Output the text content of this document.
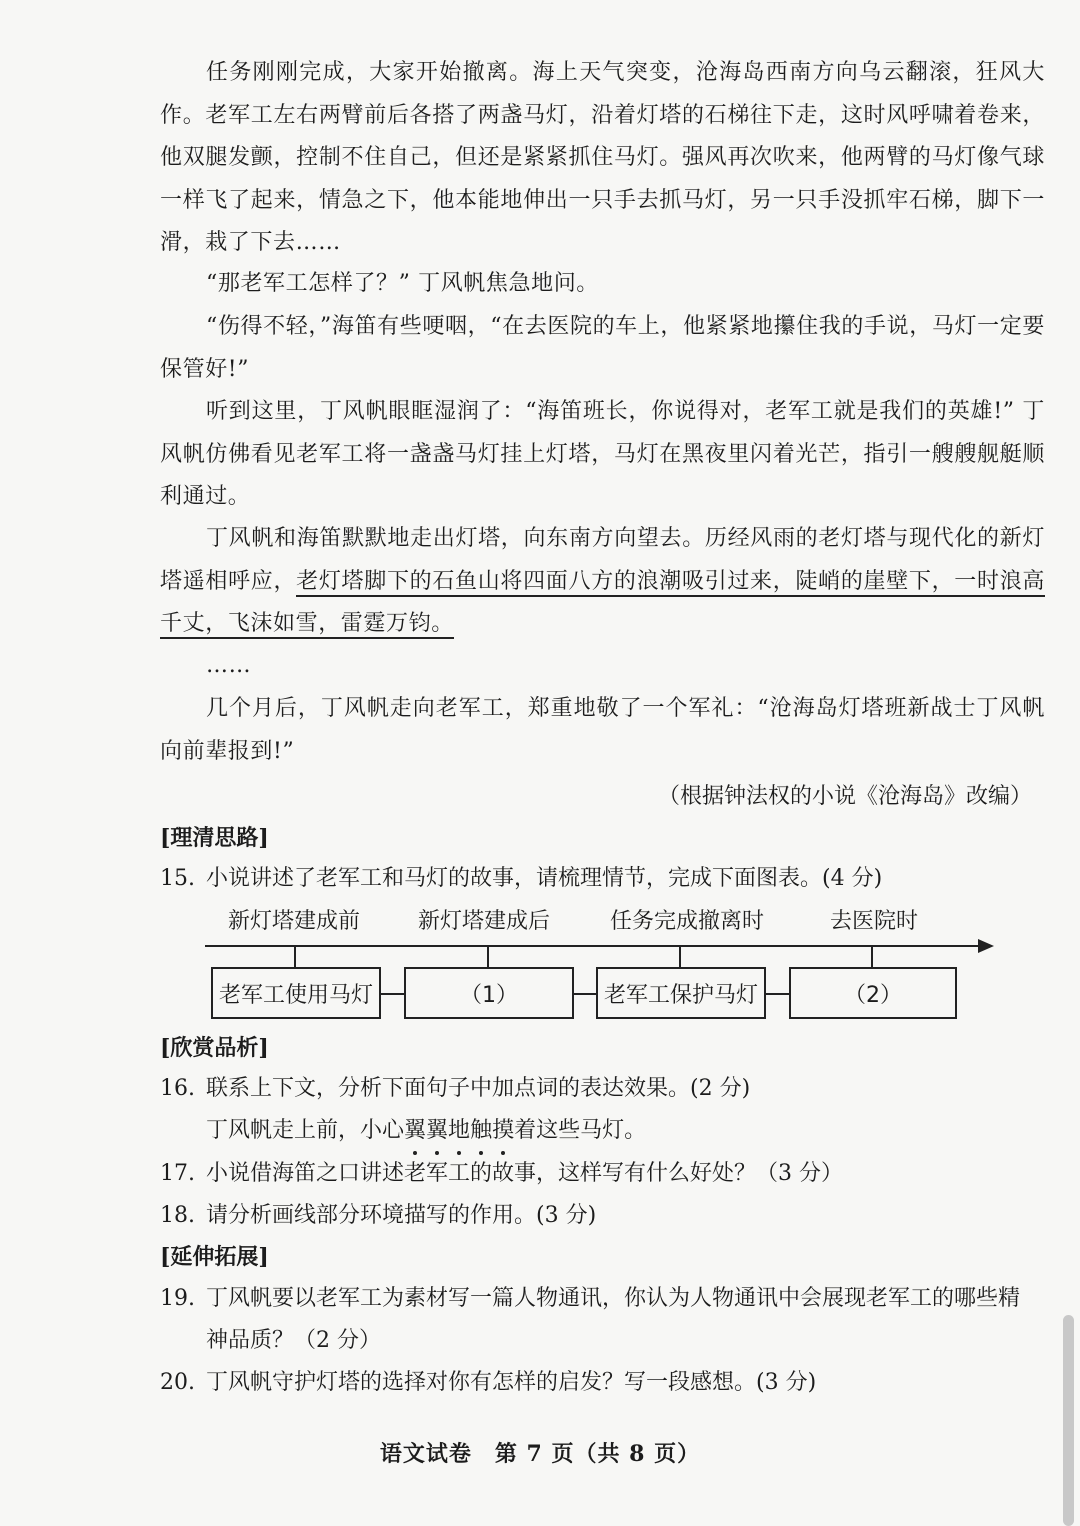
任务刚刚完成，大家开始撤离。海上天气突变，沧海岛西南方向乌云翻滚，狂风大作。老军工左右两臂前后各搭了两盏马灯，沿着灯塔的石梯往下走，这时风呼啸着卷来，他双腿发颤，控制不住自己，但还是紧紧抓住马灯。强风再次吹来，他两臂的马灯像气球一样飞了起来，情急之下，他本能地伸出一只手去抓马灯，另一只手没抓牢石梯，脚下一滑，栽了下去……

“那老军工怎样了？” 丁风帆焦急地问。

“伤得不轻，”海笛有些哽咽，“在去医院的车上，他紧紧地攥住我的手说，马灯一定要保管好!”

听到这里，丁风帆眼眶湿润了：“海笛班长，你说得对，老军工就是我们的英雄!” 丁风帆仿佛看见老军工将一盏盏马灯挂上灯塔，马灯在黑夜里闪着光芒，指引一艘艘舰艇顺利通过。

丁风帆和海笛默默地走出灯塔，向东南方向望去。历经风雨的老灯塔与现代化的新灯塔遥相呼应，老灯塔脚下的石鱼山将四面八方的浪潮吸引过来，陡峭的崖壁下，一时浪高千丈，飞沫如雪，雷霆万钧。

……

几个月后，丁风帆走向老军工，郑重地敬了一个军礼：“沧海岛灯塔班新战士丁风帆向前辈报到!”

（根据钟法权的小说《沧海岛》改编）
[理清思路]
15. 小说讲述了老军工和马灯的故事，请梳理情节，完成下面图表。(4 分)
新灯塔建成前	新灯塔建成后	任务完成撤离时	去医院时
老军工使用马灯	（1）	老军工保护马灯	（2）
[欣赏品析]
16. 联系上下文，分析下面句子中加点词的表达效果。(2 分)
丁风帆走上前，小心翼
翼
地
触
摸
着这些马灯。
17. 小说借海笛之口讲述老军工的故事，这样写有什么好处？（3 分）
18. 请分析画线部分环境描写的作用。(3 分)
[延伸拓展]
19. 丁风帆要以老军工为素材写一篇人物通讯，你认为人物通讯中会展现老军工的哪些精
神品质？（2 分）
20. 丁风帆守护灯塔的选择对你有怎样的启发？写一段感想。(3 分)
语文试卷　第 7 页（共 8 页）
